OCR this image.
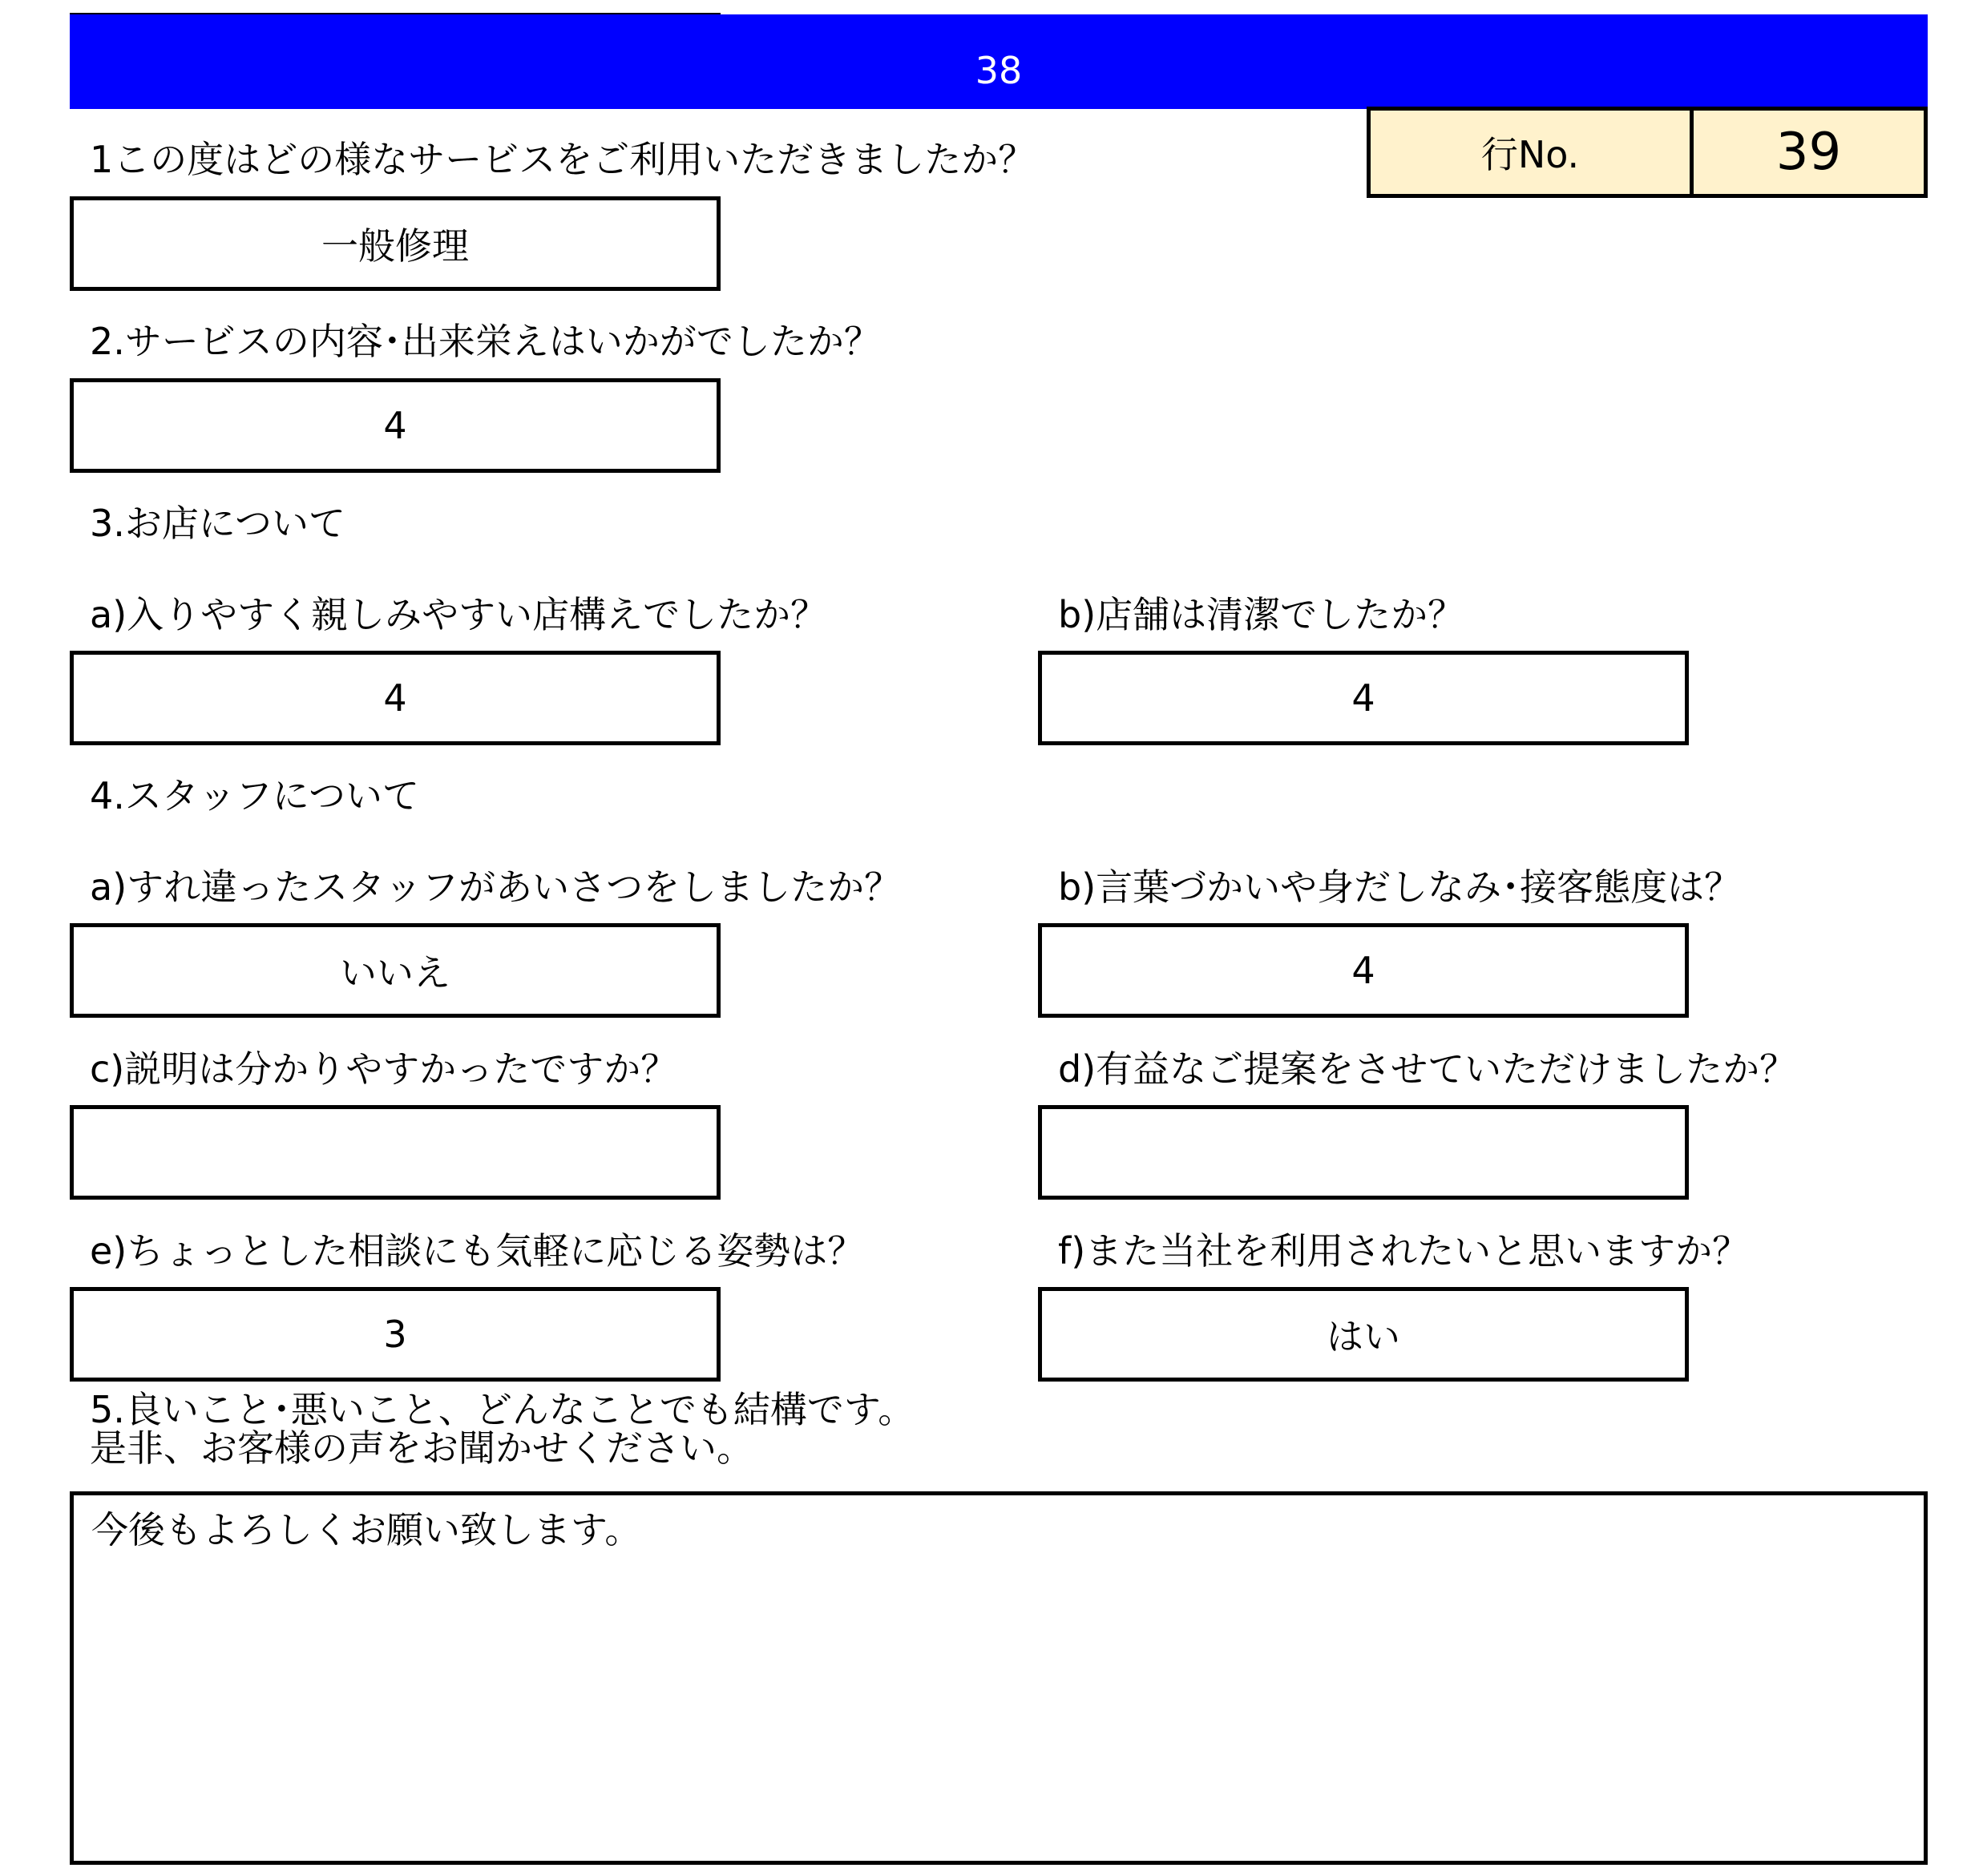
38
行No.	39
1この度はどの様なサービスをご利用いただきましたか？
一般修理
2.サービスの内容･出来栄えはいかがでしたか？
4
3.お店について
a)入りやすく親しみやすい店構えでしたか？
4
b)店舗は清潔でしたか？
4
4.スタッフについて
a)すれ違ったスタッフがあいさつをしましたか？
いいえ
b)言葉づかいや身だしなみ･接客態度は？
4
c)説明は分かりやすかったですか？	d)有益なご提案をさせていただけましたか？
e)ちょっとした相談にも気軽に応じる姿勢は？
3
f)また当社を利用されたいと思いますか？
はい
5.良いこと･悪いこと、どんなことでも結構です。
是非、お客様の声をお聞かせください。
今後もよろしくお願い致します。
